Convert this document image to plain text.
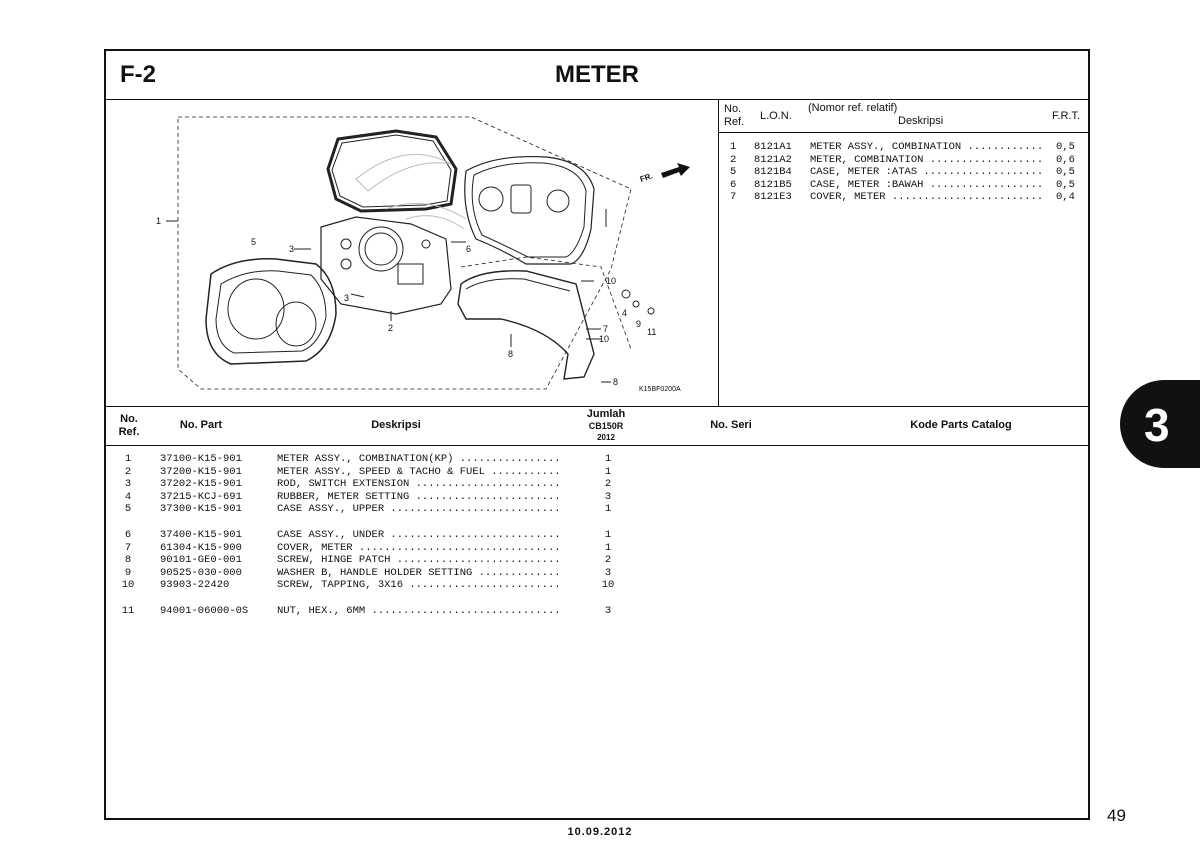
F-2	METER
1
2
3
3
5
6
7
8
8
9
10
10
11
4
FR.
K15BF0200A
No.
Ref. L.O.N.
(Nomor ref. relatif)
Deskripsi	F.R.T.
1 8121A1 METER ASSY., COMBINATION ............ 0,5
2 8121A2 METER, COMBINATION .................. 0,6
5 8121B4 CASE, METER :ATAS ................... 0,5
6 8121B5 CASE, METER :BAWAH .................. 0,5
7 8121E3 COVER, METER ........................ 0,4
No.
Ref.
No. Part	Deskripsi
Jumlah
CB150R
2012
No. Seri	Kode Parts Catalog
1	37100-K15-901	METER ASSY., COMBINATION(KP) ................	1
2	37200-K15-901	METER ASSY., SPEED & TACHO & FUEL ...........	1
3	37202-K15-901	ROD, SWITCH EXTENSION .......................	2
4	37215-KCJ-691	RUBBER, METER SETTING .......................	3
5	37300-K15-901	CASE ASSY., UPPER ...........................	1
6	37400-K15-901	CASE ASSY., UNDER ...........................	1
7	61304-K15-900	COVER, METER ................................	1
8	90101-GE0-001	SCREW, HINGE PATCH ..........................	2
9	90525-030-000	WASHER B, HANDLE HOLDER SETTING .............	3
10 93903-22420	SCREW, TAPPING, 3X16 ........................	10
11 94001-06000-0S	NUT, HEX., 6MM ..............................	3
3
49
10.09.2012
